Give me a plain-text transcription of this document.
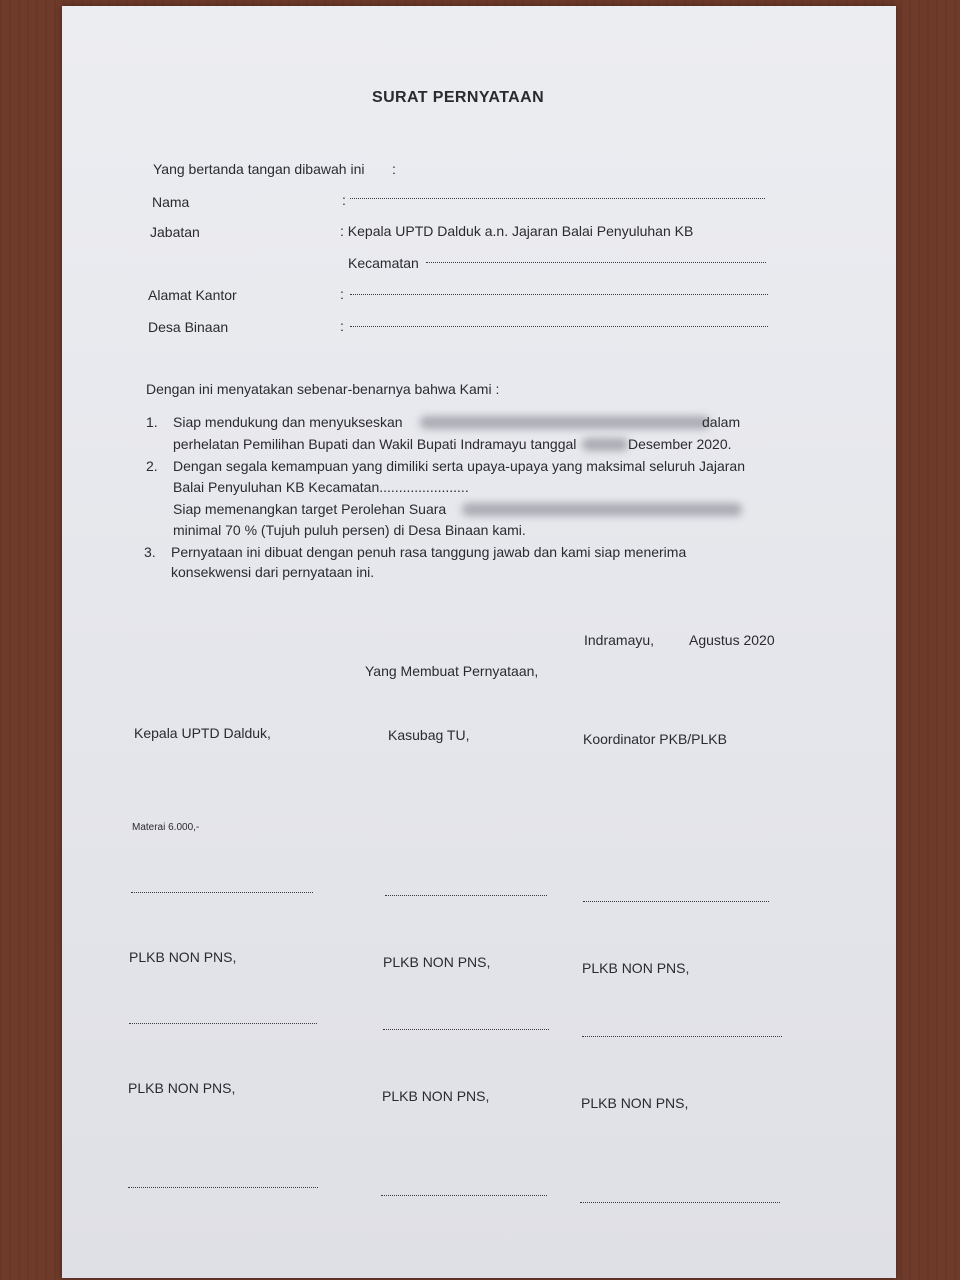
SURAT PERNYATAAN
Yang bertanda tangan dibawah ini :
Nama	:
Jabatan	: Kepala UPTD Dalduk a.n. Jajaran Balai Penyuluhan KB
Kecamatan
Alamat Kantor	:
Desa Binaan	:
Dengan ini menyatakan sebenar-benarnya bahwa Kami :
1. Siap mendukung dan menyukseskan	dalam
perhelatan Pemilihan Bupati dan Wakil Bupati Indramayu tanggal	Desember 2020.
2. Dengan segala kemampuan yang dimiliki serta upaya-upaya yang maksimal seluruh Jajaran
Balai Penyuluhan KB Kecamatan.......................
Siap memenangkan target Perolehan Suara
minimal 70 % (Tujuh puluh persen) di Desa Binaan kami.
3. Pernyataan ini dibuat dengan penuh rasa tanggung jawab dan kami siap menerima
konsekwensi dari pernyataan ini.
Indramayu, Agustus 2020
Yang Membuat Pernyataan,
Kepala UPTD Dalduk,	Kasubag TU,	Koordinator PKB/PLKB
Materai 6.000,-
PLKB NON PNS,	PLKB NON PNS,	PLKB NON PNS,
PLKB NON PNS,	PLKB NON PNS,	PLKB NON PNS,
